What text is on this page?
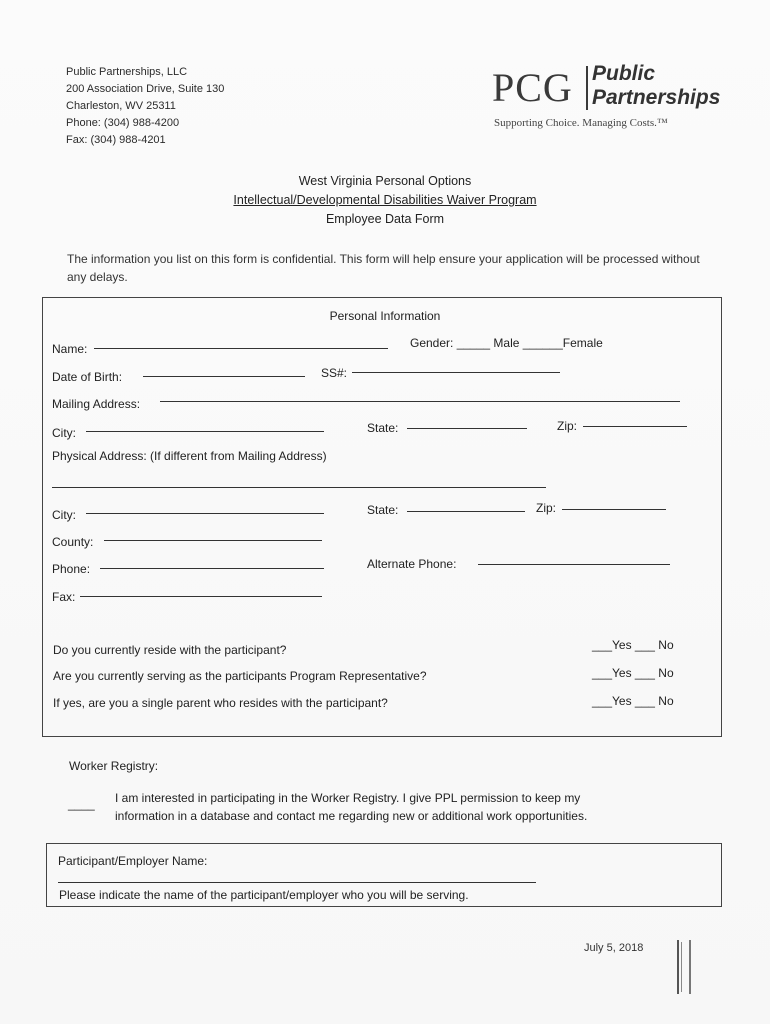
Public Partnerships, LLC
200 Association Drive, Suite 130
Charleston, WV 25311
Phone: (304) 988-4200
Fax: (304) 988-4201
PCG Public
Partnerships
Supporting Choice. Managing Costs.™
West Virginia Personal Options
Intellectual/Developmental Disabilities Waiver Program
Employee Data Form
The information you list on this form is confidential. This form will help ensure your application will be processed without any delays.
Personal Information
Name:	Gender: _____ Male ______Female
Date of Birth:	SS#:
Mailing Address:
City:	State:	Zip:
Physical Address: (If different from Mailing Address)
City:	State:	Zip:
County:
Phone:	Alternate Phone:
Fax:
Do you currently reside with the participant?	___Yes ___ No
Are you currently serving as the participants Program Representative?	___Yes ___ No
If yes, are you a single parent who resides with the participant?	___Yes ___ No
Worker Registry:
____ I am interested in participating in the Worker Registry. I give PPL permission to keep my
information in a database and contact me regarding new or additional work opportunities.
Participant/Employer Name:
Please indicate the name of the participant/employer who you will be serving.
July 5, 2018
